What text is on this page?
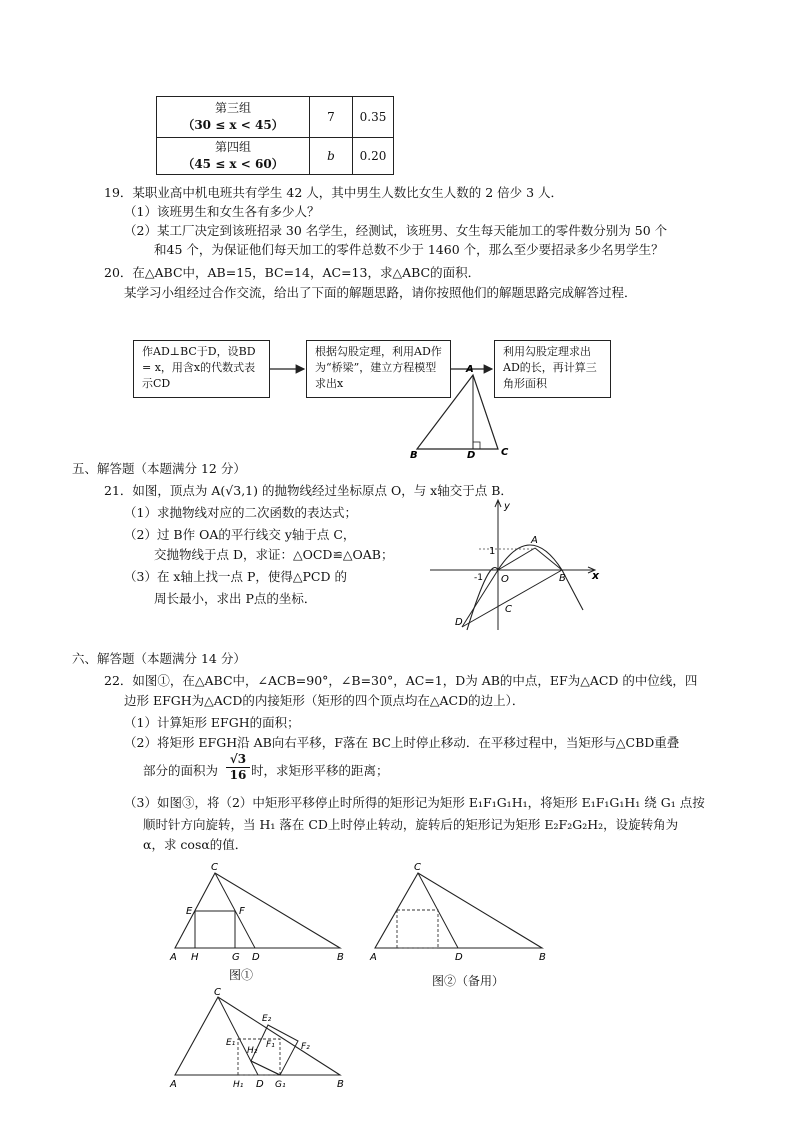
第三组
（30 ≤ x < 45）	7	0.35

第四组
（45 ≤ x < 60）	b	0.20
19．某职业高中机电班共有学生 42 人，其中男生人数比女生人数的 2 倍少 3 人．
（1）该班男生和女生各有多少人？
（2）某工厂决定到该班招录 30 名学生，经测试，该班男、女生每天能加工的零件数分别为 50 个
和45 个，为保证他们每天加工的零件总数不少于 1460 个，那么至少要招录多少名男学生？
20．在△ABC中，AB=15，BC=14，AC=13，求△ABC的面积．
某学习小组经过合作交流，给出了下面的解题思路，请你按照他们的解题思路完成解答过程．
作AD⊥BC于D，设BD = x，用含x的代数式表示CD
根据勾股定理，利用AD作为“桥梁”，建立方程模型求出x
利用勾股定理求出AD的长，再计算三角形面积
A
B	D	C
五、解答题（本题满分 12 分）
21．如图，顶点为 A(√3,1) 的抛物线经过坐标原点 O，与 x轴交于点 B．
（1）求抛物线对应的二次函数的表达式；
（2）过 B作 OA的平行线交 y轴于点 C，
交抛物线于点 D，求证：△OCD≌△OAB；
（3）在 x轴上找一点 P，使得△PCD 的
周长最小，求出 P点的坐标．
x
y
1
-1 O
A
B
C
D
六、解答题（本题满分 14 分）
22．如图①，在△ABC中，∠ACB=90°，∠B=30°，AC=1，D为 AB的中点，EF为△ACD 的中位线，四
边形 EFGH为△ACD的内接矩形（矩形的四个顶点均在△ACD的边上）．
（1）计算矩形 EFGH的面积；
（2）将矩形 EFGH沿 AB向右平移，F落在 BC上时停止移动．在平移过程中，当矩形与△CBD重叠
部分的面积为 $\frac{√3}{16}$ 时，求矩形平移的距离；
（3）如图③，将（2）中矩形平移停止时所得的矩形记为矩形 E₁F₁G₁H₁，将矩形 E₁F₁G₁H₁ 绕 G₁ 点按
顺时针方向旋转，当 H₁ 落在 CD上时停止转动，旋转后的矩形记为矩形 E₂F₂G₂H₂，设旋转角为
α，求 cosα的值．
C
E	F
A H	G D	B
图①
C
A	D	B
图②（备用）
C
E₂
F₂
E₁	F₁
H₂
A	H₁ D G₁	B
